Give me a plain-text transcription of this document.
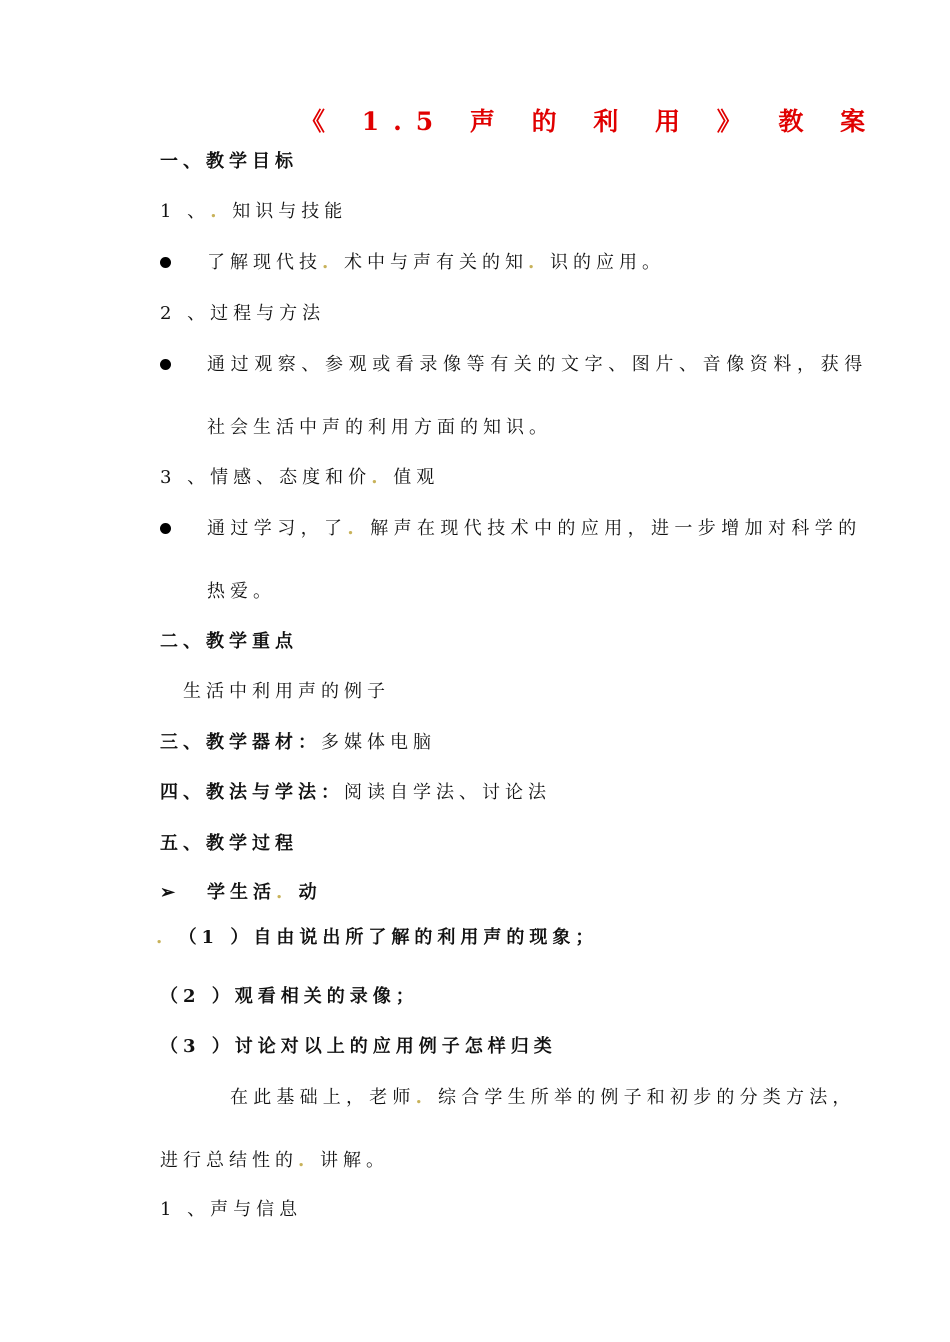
《 1.5 声 的 利 用 》 教 案
一、教学目标
1 、. 知识与技能
了解现代技. 术中与声有关的知. 识的应用。
2 、过程与方法
通过观察、参观或看录像等有关的文字、图片、音像资料，获得
社会生活中声的利用方面的知识。
3 、情感、态度和价. 值观
通过学习，了. 解声在现代技术中的应用，进一步增加对科学的
热爱。
二、教学重点
生活中利用声的例子
三、教学器材：多媒体电脑
四、教法与学法：阅读自学法、讨论法
五、教学过程
➢ 学生活. 动
. （1 ）自由说出所了解的利用声的现象；
（2 ）观看相关的录像；
（3 ）讨论对以上的应用例子怎样归类
在此基础上，老师. 综合学生所举的例子和初步的分类方法，
进行总结性的. 讲解。
1 、声与信息
